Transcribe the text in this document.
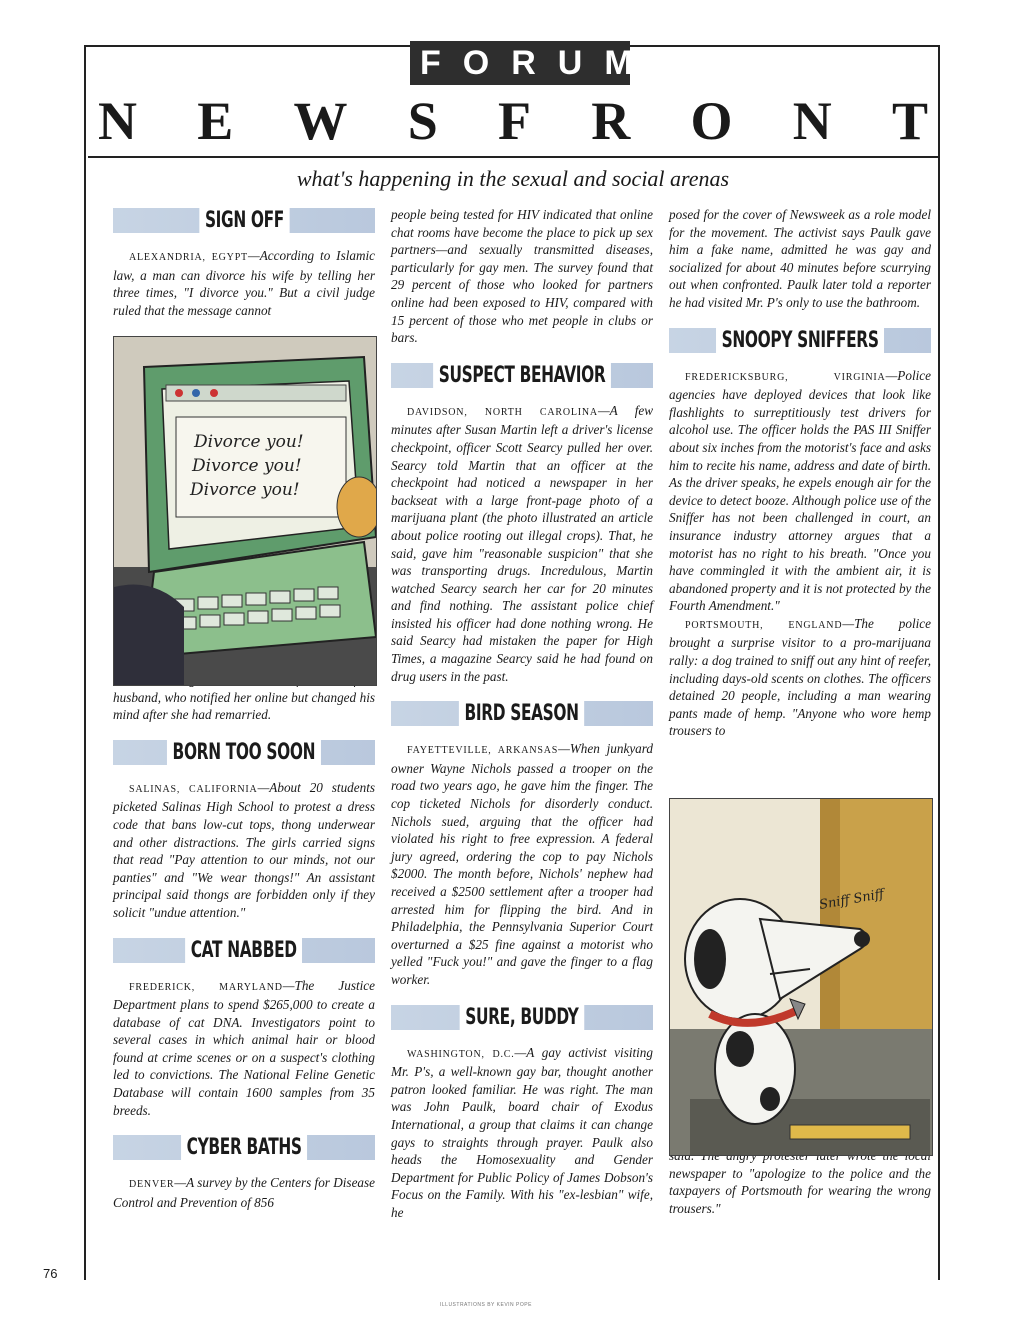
FORUM
N E W S F R O N T
what's happening in the sexual and social arenas
SIGN OFF

ALEXANDRIA, EGYPT—According to Islamic law, a man can divorce his wife by telling her three times, "I divorce you." But a civil judge ruled that the message cannot

husband, who notified her online but changed his mind after she had remarried.

BORN TOO SOON

SALINAS, CALIFORNIA—About 20 students picketed Salinas High School to protest a dress code that bans low-cut tops, thong underwear and other distractions. The girls carried signs that read "Pay attention to our minds, not our panties" and "We wear thongs!" An assistant principal said thongs are forbidden only if they solicit "undue attention."

CAT NABBED

FREDERICK, MARYLAND—The Justice Department plans to spend $265,000 to create a database of cat DNA. Investigators point to several cases in which animal hair or blood found at crime scenes or on a suspect's clothing led to convictions. The National Feline Genetic Database will contain 1600 samples from 35 breeds.

CYBER BATHS

DENVER—A survey by the Centers for Disease Control and Prevention of 856

people being tested for HIV indicated that online chat rooms have become the place to pick up sex partners—and sexually transmitted diseases, particularly for gay men. The survey found that 29 percent of those who looked for partners online had been exposed to HIV, compared with 15 percent of those who met people in clubs or bars.

SUSPECT BEHAVIOR

DAVIDSON, NORTH CAROLINA—A few minutes after Susan Martin left a driver's license checkpoint, officer Scott Searcy pulled her over. Searcy told Martin that an officer at the checkpoint had noticed a newspaper in her backseat with a large front-page photo of a marijuana plant (the photo illustrated an article about police rooting out illegal crops). That, he said, gave him "reasonable suspicion" that she was transporting drugs. Incredulous, Martin watched Searcy search her car for 20 minutes and find nothing. The assistant police chief insisted his officer had done nothing wrong. He said Searcy had mistaken the paper for High Times, a magazine Searcy said he had found on drug users in the past.

BIRD SEASON

FAYETTEVILLE, ARKANSAS—When junkyard owner Wayne Nichols passed a trooper on the road two years ago, he gave him the finger. The cop ticketed Nichols for disorderly conduct. Nichols sued, arguing that the officer had violated his right to free expression. A federal jury agreed, ordering the cop to pay Nichols $2000. The month before, Nichols' nephew had received a $2500 settlement after a trooper had arrested him for flipping the bird. And in Philadelphia, the Pennsylvania Superior Court overturned a $25 fine against a motorist who yelled "Fuck you!" and gave the finger to a flag worker.

SURE, BUDDY

WASHINGTON, D.C.—A gay activist visiting Mr. P's, a well-known gay bar, thought another patron looked familiar. He was right. The man was John Paulk, board chair of Exodus International, a group that claims it can change gays to straights through prayer. Paulk also heads the Homosexuality and Gender Department for Public Policy of James Dobson's Focus on the Family. With his "ex-lesbian" wife, he

posed for the cover of Newsweek as a role model for the movement. The activist says Paulk gave him a fake name, admitted he was gay and socialized for about 40 minutes before scurrying out when confronted. Paulk later told a reporter he had visited Mr. P's only to use the bathroom.

SNOOPY SNIFFERS

FREDERICKSBURG, VIRGINIA—Police agencies have deployed devices that look like flashlights to surreptitiously test drivers for alcohol use. The officer holds the PAS III Sniffer about six inches from the motorist's face and asks him to recite his name, address and date of birth. As the driver speaks, he expels enough air for the device to detect booze. Although police use of the Sniffer has not been challenged in court, an insurance industry attorney argues that a motorist has no right to his breath. "Once you have commingled it with the ambient air, it is abandoned property and it is not protected by the Fourth Amendment."

PORTSMOUTH, ENGLAND—The police brought a surprise visitor to a pro-marijuana rally: a dog trained to sniff out any hint of reefer, including days-old scents on clothes. The officers detained 20 people, including a man wearing pants made of hemp. "Anyone who wore hemp trousers to

newspaper to "apologize to the police and the taxpayers of Portsmouth for wearing the wrong trousers."

Divorce you!
Divorce you!
Divorce you!
Sniff Sniff
76
ILLUSTRATIONS BY KEVIN POPE
